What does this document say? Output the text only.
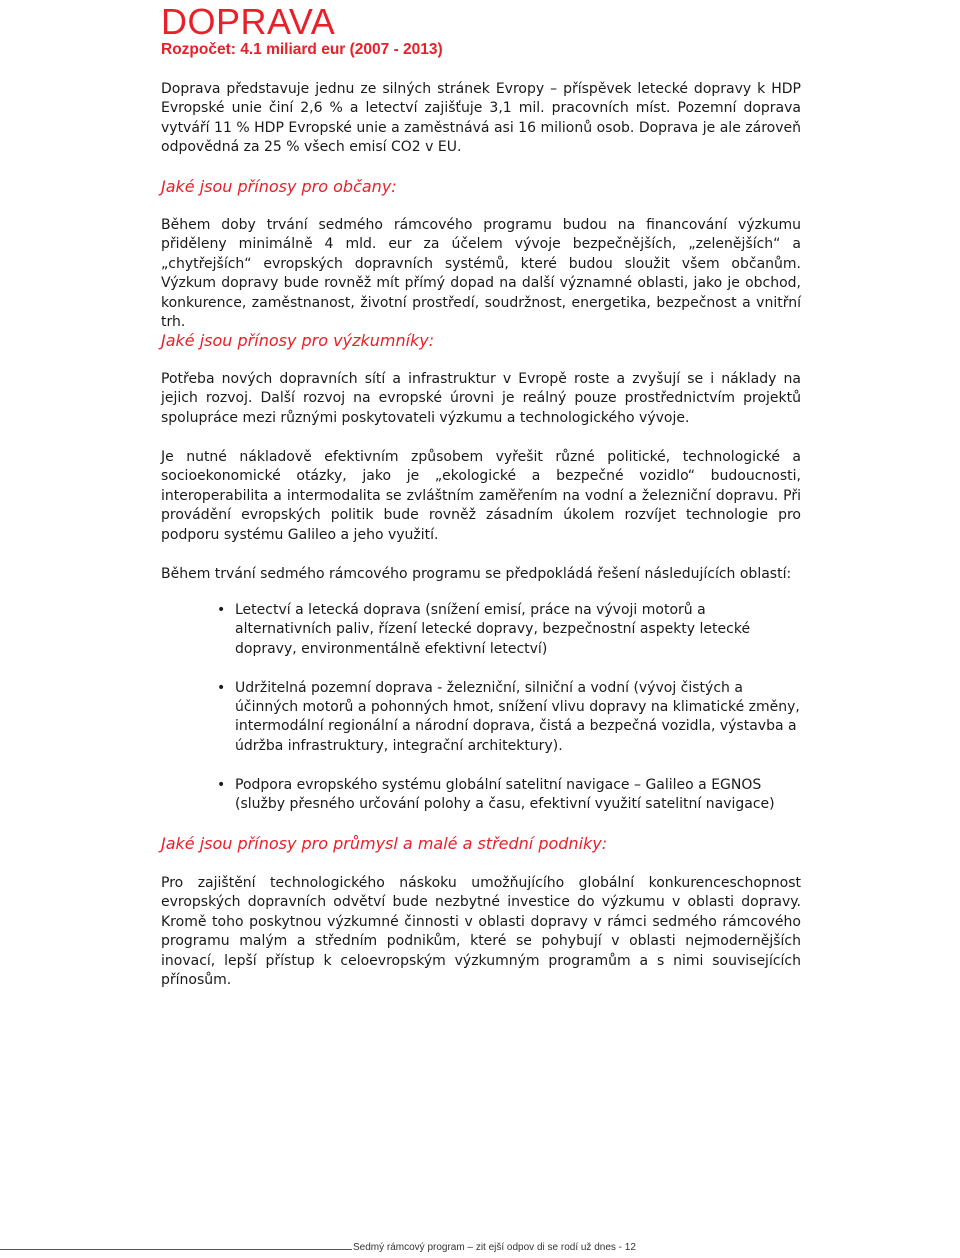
DOPRAVA
Rozpočet: 4.1 miliard eur (2007 - 2013)

Doprava představuje jednu ze silných stránek Evropy – příspěvek letecké dopravy k HDP Evropské unie činí 2,6 % a letectví zajišťuje 3,1 mil. pracovních míst. Pozemní doprava vytváří 11 % HDP Evropské unie a zaměstnává asi 16 milionů osob. Doprava je ale zároveň odpovědná za 25 % všech emisí CO2 v EU.

Jaké jsou přínosy pro občany:

Během doby trvání sedmého rámcového programu budou na financování výzkumu přiděleny minimálně 4 mld. eur za účelem vývoje bezpečnějších, „zelenějších“ a „chytřejších“ evropských dopravních systémů, které budou sloužit všem občanům. Výzkum dopravy bude rovněž mít přímý dopad na další významné oblasti, jako je obchod, konkurence, zaměstnanost, životní prostředí, soudržnost, energetika, bezpečnost a vnitřní trh.

Jaké jsou přínosy pro výzkumníky:

Potřeba nových dopravních sítí a infrastruktur v Evropě roste a zvyšují se i náklady na jejich rozvoj. Další rozvoj na evropské úrovni je reálný pouze prostřednictvím projektů spolupráce mezi různými poskytovateli výzkumu a technologického vývoje.

Je nutné nákladově efektivním způsobem vyřešit různé politické, technologické a socioekonomické otázky, jako je „ekologické a bezpečné vozidlo“ budoucnosti, interoperabilita a intermodalita se zvláštním zaměřením na vodní a železniční dopravu. Při provádění evropských politik bude rovněž zásadním úkolem rozvíjet technologie pro podporu systému Galileo a jeho využití.

Během trvání sedmého rámcového programu se předpokládá řešení následujících oblastí:

• Letectví a letecká doprava (snížení emisí, práce na vývoji motorů a alternativních paliv, řízení letecké dopravy, bezpečnostní aspekty letecké dopravy, environmentálně efektivní letectví)
• Udržitelná pozemní doprava - železniční, silniční a vodní (vývoj čistých a účinných motorů a pohonných hmot, snížení vlivu dopravy na klimatické změny, intermodální regionální a národní doprava, čistá a bezpečná vozidla, výstavba a údržba infrastruktury, integrační architektury).
• Podpora evropského systému globální satelitní navigace – Galileo a EGNOS (služby přesného určování polohy a času, efektivní využití satelitní navigace)
Jaké jsou přínosy pro průmysl a malé a střední podniky:

Pro zajištění technologického náskoku umožňujícího globální konkurenceschopnost evropských dopravních odvětví bude nezbytné investice do výzkumu v oblasti dopravy. Kromě toho poskytnou výzkumné činnosti v oblasti dopravy v rámci sedmého rámcového programu malým a středním podnikům, které se pohybují v oblasti nejmodernějších inovací, lepší přístup k celoevropským výzkumným programům a s nimi souvisejících přínosům.

Sedmý rámcový program – zit ejší odpov di se rodí už dnes - 12
